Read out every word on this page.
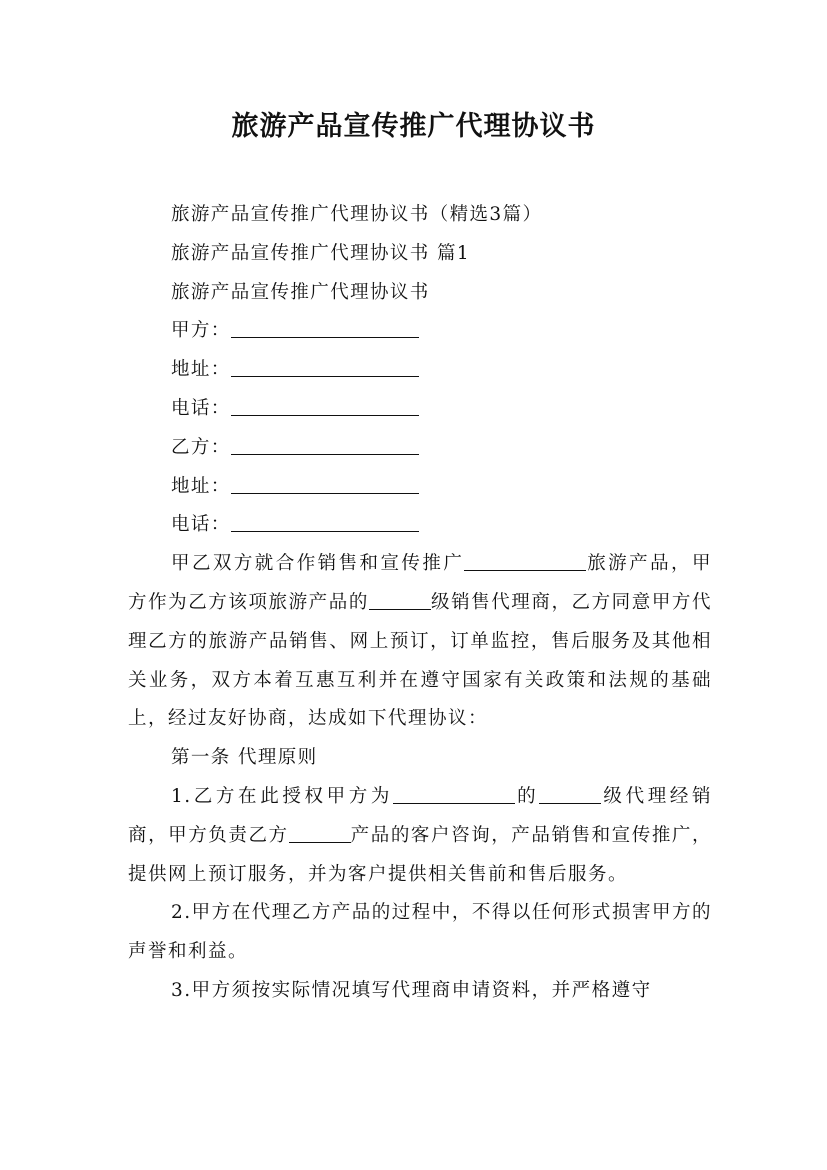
旅游产品宣传推广代理协议书
旅游产品宣传推广代理协议书（精选3篇）
旅游产品宣传推广代理协议书 篇1
旅游产品宣传推广代理协议书
甲方：
地址：
电话：
乙方：
地址：
电话：
甲乙双方就合作销售和宣传推广	旅游产品，甲方作为乙方该项旅游产品的	级销售代理商，乙方同意甲方代理乙方的旅游产品销售、网上预订，订单监控，售后服务及其他相关业务，双方本着互惠互利并在遵守国家有关政策和法规的基础上，经过友好协商，达成如下代理协议：
第一条 代理原则
1.乙方在此授权甲方为	的	级代理经销商，甲方负责乙方	产品的客户咨询，产品销售和宣传推广，提供网上预订服务，并为客户提供相关售前和售后服务。
2.甲方在代理乙方产品的过程中，不得以任何形式损害甲方的声誉和利益。
3.甲方须按实际情况填写代理商申请资料，并严格遵守
